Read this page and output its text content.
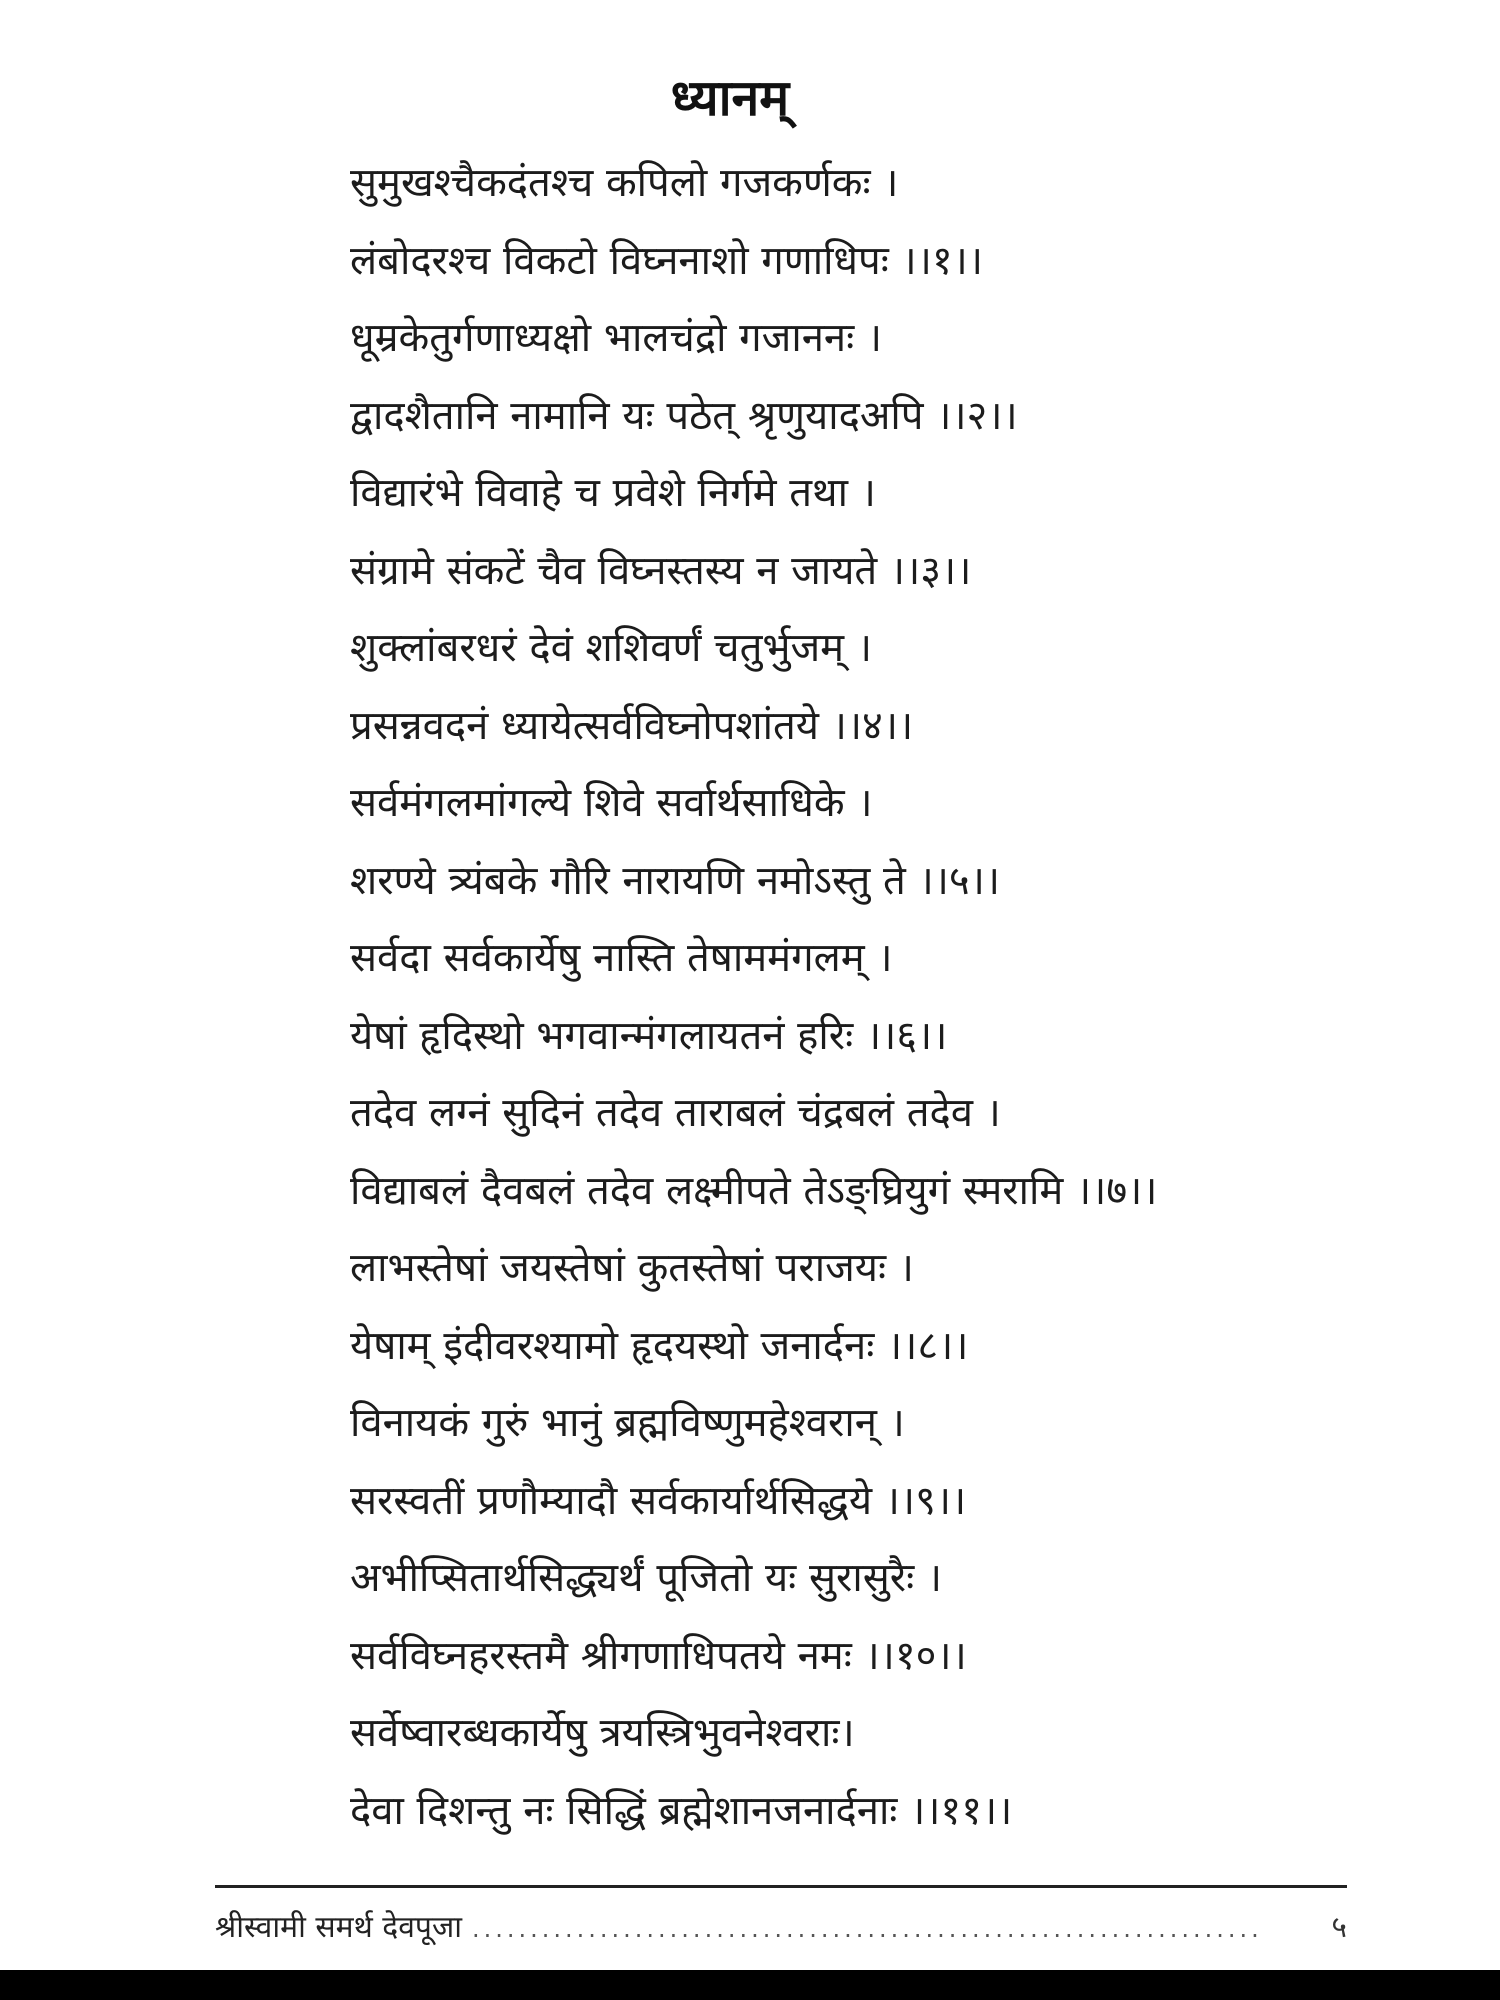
ध्यानम्
सुमुखश्चैकदंतश्च कपिलो गजकर्णकः ।
लंबोदरश्च विकटो विघ्ननाशो गणाधिपः ।।१।।
धूम्रकेतुर्गणाध्यक्षो भालचंद्रो गजाननः ।
द्वादशैतानि नामानि यः पठेत् श्रृणुयादअपि ।।२।।
विद्यारंभे विवाहे च प्रवेशे निर्गमे तथा ।
संग्रामे संकटें चैव विघ्नस्तस्य न जायते ।।३।।
शुक्लांबरधरं देवं शशिवर्णं चतुर्भुजम् ।
प्रसन्नवदनं ध्यायेत्सर्वविघ्नोपशांतये ।।४।।
सर्वमंगलमांगल्ये शिवे सर्वार्थसाधिके ।
शरण्ये त्र्यंबके गौरि नारायणि नमोऽस्तु ते ।।५।।
सर्वदा सर्वकार्येषु नास्ति तेषाममंगलम् ।
येषां हृदिस्थो भगवान्मंगलायतनं हरिः ।।६।।
तदेव लग्नं सुदिनं तदेव ताराबलं चंद्रबलं तदेव ।
विद्याबलं दैवबलं तदेव लक्ष्मीपते तेऽङ्घ्रियुगं स्मरामि ।।७।।
लाभस्तेषां जयस्तेषां कुतस्तेषां पराजयः ।
येषाम् इंदीवरश्यामो हृदयस्थो जनार्दनः ।।८।।
विनायकं गुरुं भानुं ब्रह्मविष्णुमहेश्वरान् ।
सरस्वतीं प्रणौम्यादौ सर्वकार्यार्थसिद्धये ।।९।।
अभीप्सितार्थसिद्ध्यर्थं पूजितो यः सुरासुरैः ।
सर्वविघ्नहरस्तमै श्रीगणाधिपतये नमः ।।१०।।
सर्वेष्वारब्धकार्येषु त्रयस्त्रिभुवनेश्वराः।
देवा दिशन्तु नः सिद्धिं ब्रह्मेशानजनार्दनाः ।।११।।
श्रीस्वामी समर्थ देवपूजा ....................................................................	५
